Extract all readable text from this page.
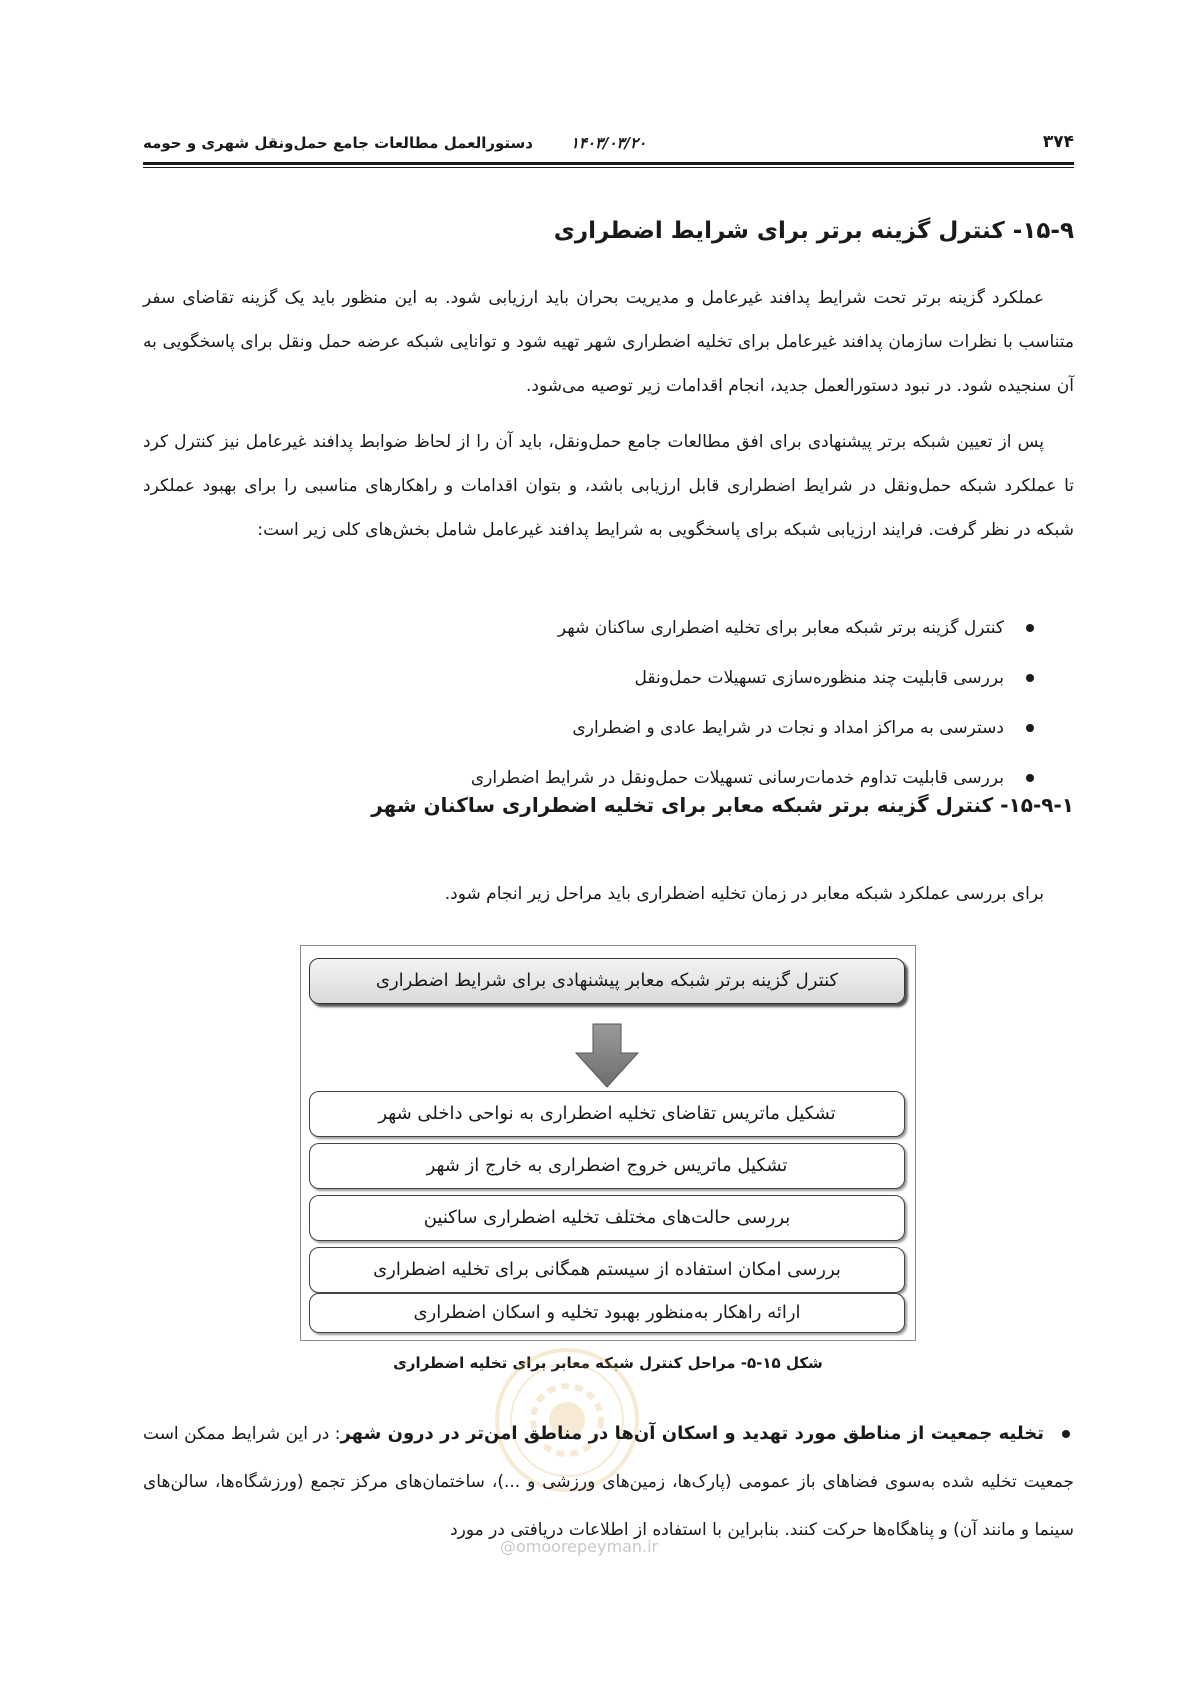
دستورالعمل مطالعات جامع حمل‌ونقل شهری و حومه	۱۴۰۳/۰۳/۲۰	۳۷۴
۱۵-۹- کنترل گزینه برتر برای شرایط اضطراری
عملکرد گزینه برتر تحت شرایط پدافند غیرعامل و مدیریت بحران باید ارزیابی شود. به این منظور باید یک گزینه تقاضای سفر متناسب با نظرات سازمان پدافند غیرعامل برای تخلیه اضطراری شهر تهیه شود و توانایی شبکه عرضه حمل ونقل برای پاسخگویی به آن سنجیده شود. در نبود دستورالعمل جدید، انجام اقدامات زیر توصیه می‌شود.
پس از تعیین شبکه برتر پیشنهادی برای افق مطالعات جامع حمل‌ونقل، باید آن را از لحاظ ضوابط پدافند غیرعامل نیز کنترل کرد تا عملکرد شبکه حمل‌ونقل در شرایط اضطراری قابل ارزیابی باشد، و بتوان اقدامات و راهکارهای مناسبی را برای بهبود عملکرد شبکه در نظر گرفت. فرایند ارزیابی شبکه برای پاسخگویی به شرایط پدافند غیرعامل شامل بخش‌های کلی زیر است:
کنترل گزینه برتر شبکه معابر برای تخلیه اضطراری ساکنان شهر
بررسی قابلیت چند منظوره‌سازی تسهیلات حمل‌ونقل
دسترسی به مراکز امداد و نجات در شرایط عادی و اضطراری
بررسی قابلیت تداوم خدمات‌رسانی تسهیلات حمل‌ونقل در شرایط اضطراری
۱۵-۹-۱- کنترل گزینه برتر شبکه معابر برای تخلیه اضطراری ساکنان شهر
برای بررسی عملکرد شبکه معابر در زمان تخلیه اضطراری باید مراحل زیر انجام شود.
کنترل گزینه برتر شبکه معابر پیشنهادی برای شرایط اضطراری
تشکیل ماتریس تقاضای تخلیه اضطراری به نواحی داخلی شهر
تشکیل ماتریس خروج اضطراری به خارج از شهر
بررسی حالت‌های مختلف تخلیه اضطراری ساکنین
بررسی امکان استفاده از سیستم همگانی برای تخلیه اضطراری
ارائه راهکار به‌منظور بهبود تخلیه و اسکان اضطراری
شکل ۱۵-۵- مراحل کنترل شبکه معابر برای تخلیه اضطراری
تخلیه جمعیت از مناطق مورد تهدید و اسکان آن‌ها در مناطق امن‌تر در درون شهر: در این شرایط ممکن است جمعیت تخلیه شده به‌سوی فضاهای باز عمومی (پارک‌ها، زمین‌های ورزشی و ...)، ساختمان‌های مرکز تجمع (ورزشگاه‌ها، سالن‌های سینما و مانند آن) و پناهگاه‌ها حرکت کنند. بنابراین با استفاده از اطلاعات دریافتی در مورد
@omoorepeyman.ir
